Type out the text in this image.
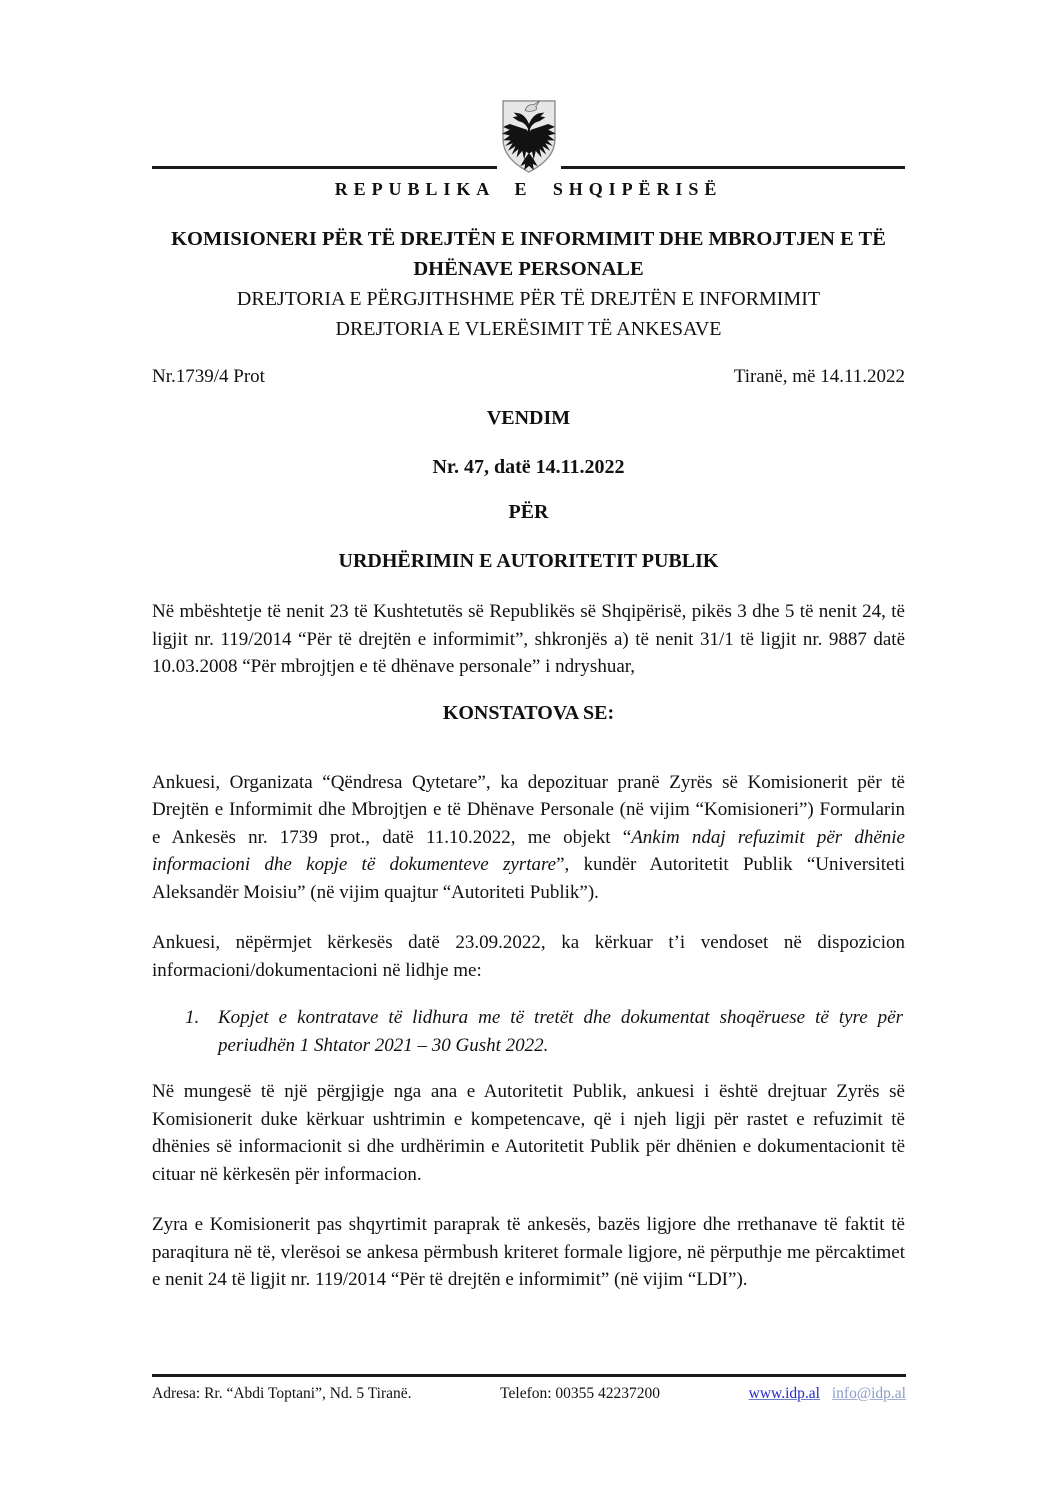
REPUBLIKA E SHQIPËRISË
KOMISIONERI PËR TË DREJTËN E INFORMIMIT DHE MBROJTJEN E TË
DHËNAVE PERSONALE
DREJTORIA E PËRGJITHSHME PËR TË DREJTËN E INFORMIMIT
DREJTORIA E VLERËSIMIT TË ANKESAVE
Nr.1739/4 Prot	Tiranë, më 14.11.2022
VENDIM
Nr. 47, datë 14.11.2022
PËR
URDHËRIMIN E AUTORITETIT PUBLIK

Në mbështetje të nenit 23 të Kushtetutës së Republikës së Shqipërisë, pikës 3 dhe 5 të nenit 24, të ligjit nr. 119/2014 “Për të drejtën e informimit”, shkronjës a) të nenit 31/1 të ligjit nr. 9887 datë 10.03.2008 “Për mbrojtjen e të dhënave personale” i ndryshuar,

KONSTATOVA SE:

Ankuesi, Organizata “Qëndresa Qytetare”, ka depozituar pranë Zyrës së Komisionerit për të Drejtën e Informimit dhe Mbrojtjen e të Dhënave Personale (në vijim “Komisioneri”) Formularin e Ankesës nr. 1739 prot., datë 11.10.2022, me objekt “Ankim ndaj refuzimit për dhënie informacioni dhe kopje të dokumenteve zyrtare”, kundër Autoritetit Publik “Universiteti Aleksandër Moisiu” (në vijim quajtur “Autoriteti Publik”).

Ankuesi, nëpërmjet kërkesës datë 23.09.2022, ka kërkuar t’i vendoset në dispozicion informacioni/dokumentacioni në lidhje me:

1. Kopjet e kontratave të lidhura me të tretët dhe dokumentat shoqëruese të tyre për periudhën 1 Shtator 2021 – 30 Gusht 2022.

Në mungesë të një përgjigje nga ana e Autoritetit Publik, ankuesi i është drejtuar Zyrës së Komisionerit duke kërkuar ushtrimin e kompetencave, që i njeh ligji për rastet e refuzimit të dhënies së informacionit si dhe urdhërimin e Autoritetit Publik për dhënien e dokumentacionit të cituar në kërkesën për informacion.

Zyra e Komisionerit pas shqyrtimit paraprak të ankesës, bazës ligjore dhe rrethanave të faktit të paraqitura në të, vlerësoi se ankesa përmbush kriteret formale ligjore, në përputhje me përcaktimet e nenit 24 të ligjit nr. 119/2014 “Për të drejtën e informimit” (në vijim “LDI”).

Adresa: Rr. “Abdi Toptani”, Nd. 5 Tiranë.	Telefon: 00355 42237200	www.idp.al info@idp.al
